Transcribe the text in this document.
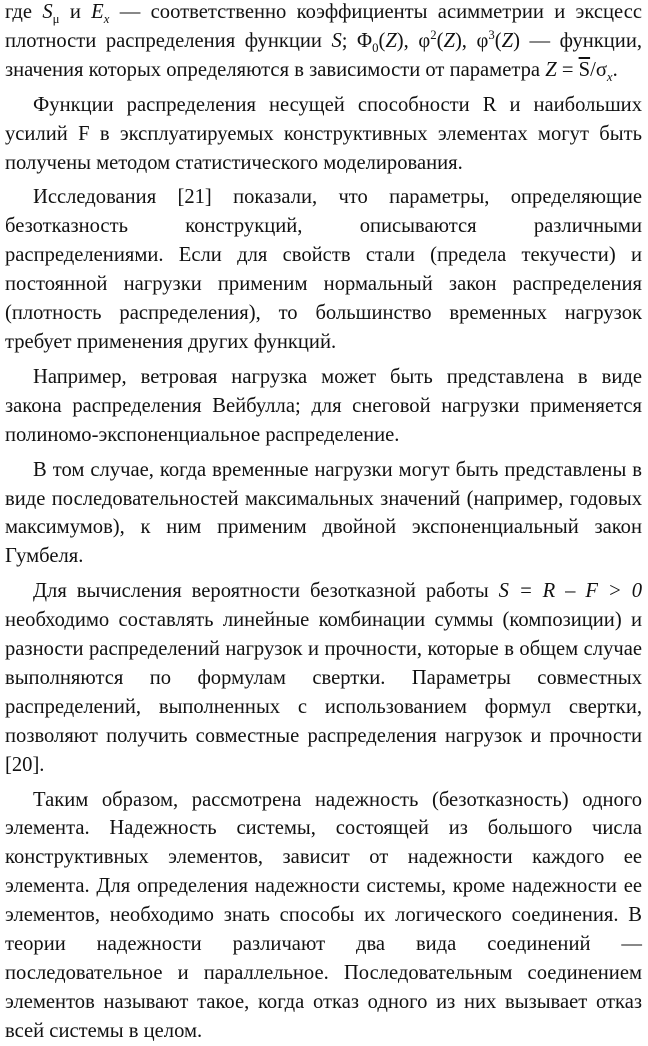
где $S_\mu$ и $E_x$ — соответственно коэффициенты асимметрии и эксцесс плотности распределения функции S; $\Phi_0(Z)$, $\varphi^2(Z)$, $\varphi^3(Z)$ — функции, значения которых определяются в зависимости от параметра $Z = \overline{S}/\sigma_x$.

Функции распределения несущей способности R и наибольших усилий F в эксплуатируемых конструктивных элементах могут быть получены методом статистического моделирования.

Исследования [21] показали, что параметры, определяющие безотказность конструкций, описываются различными распределениями. Если для свойств стали (предела текучести) и постоянной нагрузки применим нормальный закон распределения (плотность распределения), то большинство временных нагрузок требует применения других функций.

Например, ветровая нагрузка может быть представлена в виде закона распределения Вейбулла; для снеговой нагрузки применяется полиномо-экспоненциальное распределение.

В том случае, когда временные нагрузки могут быть представлены в виде последовательностей максимальных значений (например, годовых максимумов), к ним применим двойной экспоненциальный закон Гумбеля.

Для вычисления вероятности безотказной работы S = R – F > 0 необходимо составлять линейные комбинации суммы (композиции) и разности распределений нагрузок и прочности, которые в общем случае выполняются по формулам свертки. Параметры совместных распределений, выполненных с использованием формул свертки, позволяют получить совместные распределения нагрузок и прочности [20].

Таким образом, рассмотрена надежность (безотказность) одного элемента. Надежность системы, состоящей из большого числа конструктивных элементов, зависит от надежности каждого ее элемента. Для определения надежности системы, кроме надежности ее элементов, необходимо знать способы их логического соединения. В теории надежности различают два вида соединений — последовательное и параллельное. Последовательным соединением элементов называют такое, когда отказ одного из них вызывает отказ всей системы в целом.
